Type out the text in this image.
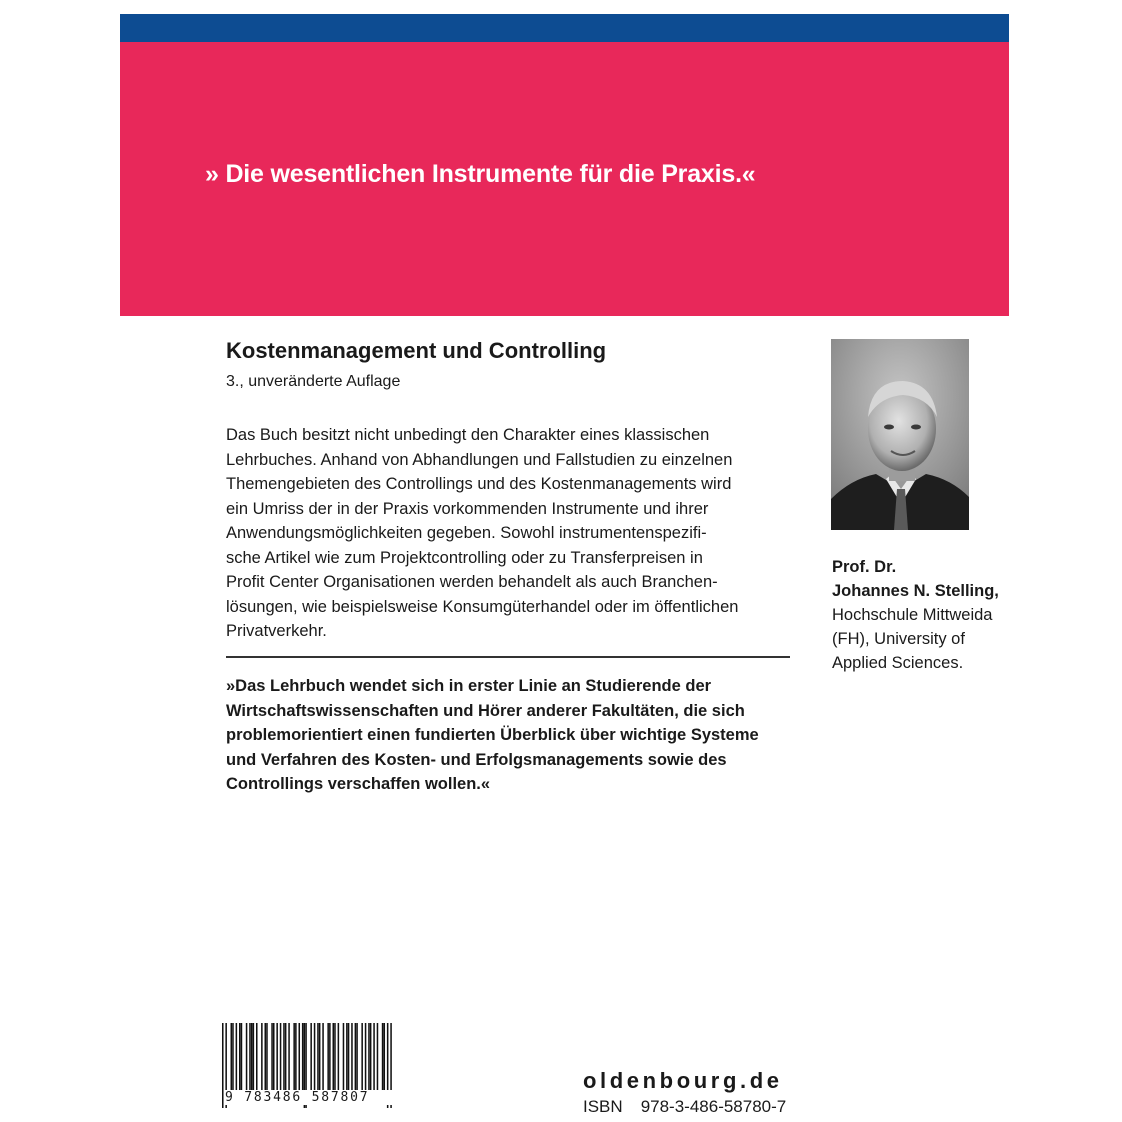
» Die wesentlichen Instrumente für die Praxis.«
Kostenmanagement und Controlling
3., unveränderte Auflage
Das Buch besitzt nicht unbedingt den Charakter eines klassischen
Lehrbuches. Anhand von Abhandlungen und Fallstudien zu einzelnen
Themengebieten des Controllings und des Kostenmanagements wird
ein Umriss der in der Praxis vorkommenden Instrumente und ihrer
Anwendungsmöglichkeiten gegeben. Sowohl instrumentenspezifi-
sche Artikel wie zum Projektcontrolling oder zu Transferpreisen in
Profit Center Organisationen werden behandelt als auch Branchen-
lösungen, wie beispielsweise Konsumgüterhandel oder im öffentlichen
Privatverkehr.
»Das Lehrbuch wendet sich in erster Linie an Studierende der
Wirtschaftswissenschaften und Hörer anderer Fakultäten, die sich
problemorientiert einen fundierten Überblick über wichtige Systeme
und Verfahren des Kosten- und Erfolgsmanagements sowie des
Controllings verschaffen wollen.«
Prof. Dr.
Johannes N. Stelling,
Hochschule Mittweida
(FH), University of
Applied Sciences.
9 783486 587807
oldenbourg.de
ISBN 978-3-486-58780-7
